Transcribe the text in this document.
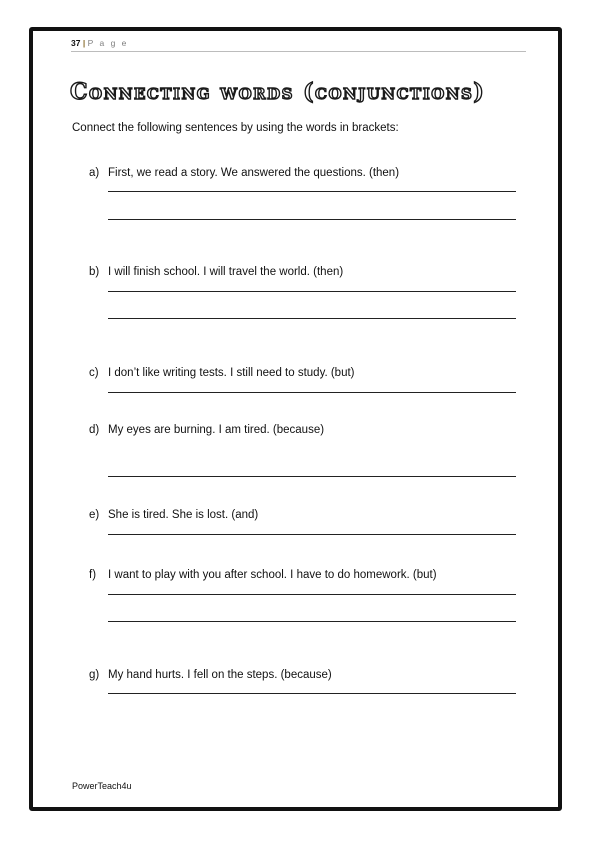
37 | P a g e
Connecting words (conjunctions)
Connect the following sentences by using the words in brackets:
a) First, we read a story. We answered the questions. (then)
b) I will finish school. I will travel the world. (then)
c) I don’t like writing tests. I still need to study. (but)
d) My eyes are burning. I am tired. (because)
e) She is tired. She is lost. (and)
f) I want to play with you after school. I have to do homework. (but)
g) My hand hurts. I fell on the steps. (because)
PowerTeach4u
